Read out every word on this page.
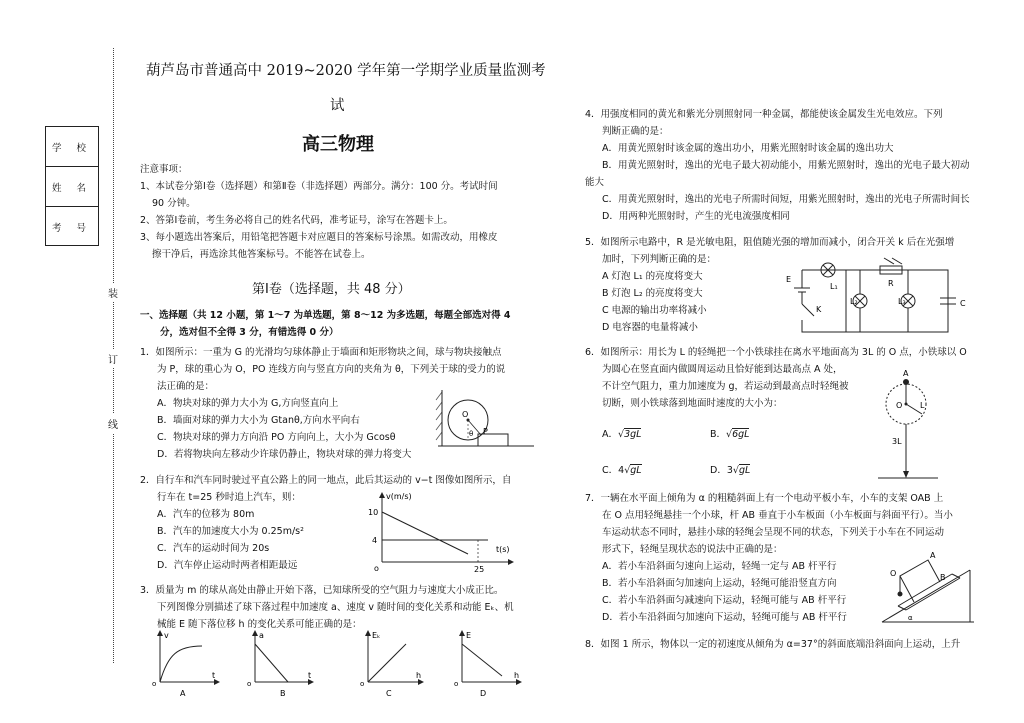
装
订
线
学 校
姓 名
考 号
葫芦岛市普通高中 2019~2020 学年第一学期学业质量监测考
试
高三物理
注意事项：
1、本试卷分第Ⅰ卷（选择题）和第Ⅱ卷（非选择题）两部分。满分：100 分。考试时间
90 分钟。
2、答第Ⅰ卷前，考生务必将自己的姓名代码，准考证号，涂写在答题卡上。
3、每小题选出答案后，用铅笔把答题卡对应题目的答案标号涂黑。如需改动，用橡皮
擦干净后，再选涂其他答案标号。不能答在试卷上。
第Ⅰ卷（选择题，共 48 分）
一、选择题（共 12 小题，第 1～7 为单选题，第 8～12 为多选题，每题全部选对得 4
分，选对但不全得 3 分，有错选得 0 分）
1．如图所示：一重为 G 的光滑均匀球体静止于墙面和矩形物块之间，球与物块接触点
为 P，球的重心为 O，PO 连线方向与竖直方向的夹角为 θ，下列关于球的受力的说
法正确的是：
A．物块对球的弹力大小为 G,方向竖直向上
B．墙面对球的弹力大小为 Gtanθ,方向水平向右
C．物块对球的弹力方向沿 PO 方向向上，大小为 Gcosθ
D．若将物块向左移动少许球仍静止，物块对球的弹力将变大
O
P
θ
2．自行车和汽车同时驶过平直公路上的同一地点，此后其运动的 v−t 图像如图所示，自
行车在 t=25 秒时追上汽车，则：
A．汽车的位移为 80m
B．汽车的加速度大小为 0.25m/s²
C．汽车的运动时间为 20s
D．汽车停止运动时两者相距最远
v(m/s)
t(s)
10
4
25
o
3．质量为 m 的球从高处由静止开始下落，已知球所受的空气阻力与速度大小成正比。
下列图像分别描述了球下落过程中加速度 a、速度 v 随时间的变化关系和动能 Eₖ、机
械能 E 随下落位移 h 的变化关系可能正确的是：
v
t
A
o
a
t
B
o
Eₖ
h
C
o
E
h
D
o
4．用强度相同的黄光和紫光分别照射同一种金属，都能使该金属发生光电效应。下列
判断正确的是：
A．用黄光照射时该金属的逸出功小，用紫光照射时该金属的逸出功大
B．用黄光照射时，逸出的光电子最大初动能小，用紫光照射时，逸出的光电子最大初动
能大
C．用黄光照射时，逸出的光电子所需时间短，用紫光照射时，逸出的光电子所需时间长
D．用两种光照射时，产生的光电流强度相同
5．如图所示电路中，R 是光敏电阻，阻值随光强的增加而减小，闭合开关 k 后在光强增
加时，下列判断正确的是：
A 灯泡 L₁ 的亮度将变大
B 灯泡 L₂ 的亮度将变大
C 电源的输出功率将减小
D 电容器的电量将减小
E
K
L₁
L₂
R
L₃	C
6．如图所示：用长为 L 的轻绳把一个小铁球挂在离水平地面高为 3L 的 O 点，小铁球以 O
为圆心在竖直面内做圆周运动且恰好能到达最高点 A 处，
不计空气阻力，重力加速度为 g，若运动到最高点时轻绳被
切断，则小铁球落到地面时速度的大小为：
A．√3gL	B．√6gL
C．4√gL	D．3√gL
A
O L
3L
7．一辆在水平面上倾角为 α 的粗糙斜面上有一个电动平板小车，小车的支架 OAB 上
在 O 点用轻绳悬挂一个小球，杆 AB 垂直于小车板面（小车板面与斜面平行）。当小
车运动状态不同时，悬挂小球的轻绳会呈现不同的状态，下列关于小车在不同运动
形式下，轻绳呈现状态的说法中正确的是：
A．若小车沿斜面匀速向上运动，轻绳一定与 AB 杆平行
B．若小车沿斜面匀加速向上运动，轻绳可能沿竖直方向
C．若小车沿斜面匀减速向下运动，轻绳可能与 AB 杆平行
D．若小车沿斜面匀加速向下运动，轻绳可能与 AB 杆平行
A
O	B
α
8．如图 1 所示，物体以一定的初速度从倾角为 α=37°的斜面底端沿斜面向上运动，上升
